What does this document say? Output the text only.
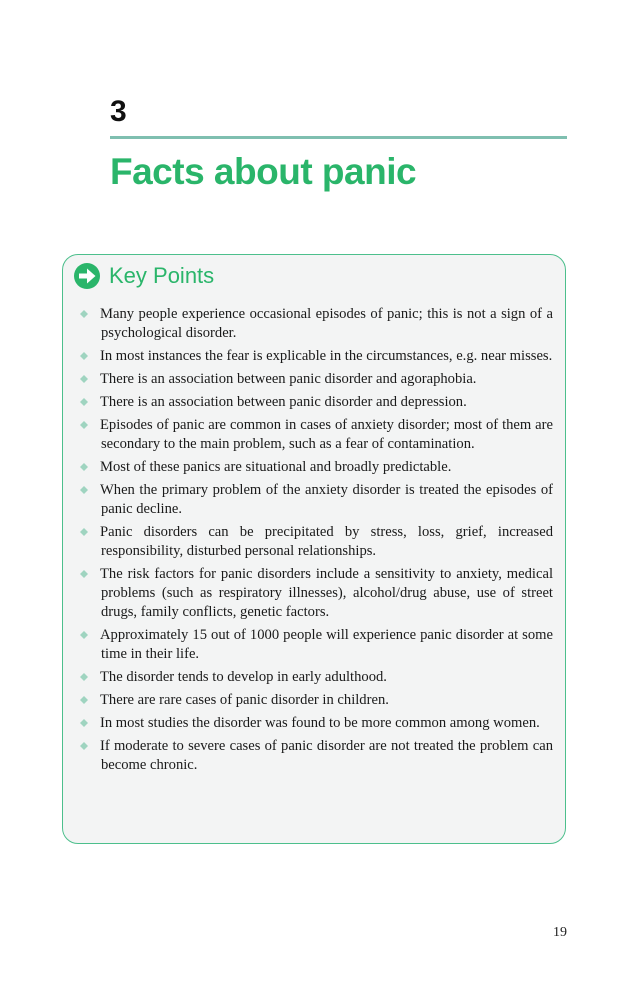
3
Facts about panic
Key Points
Many people experience occasional episodes of panic; this is not a sign of a psychological disorder.
In most instances the fear is explicable in the circumstances, e.g. near misses.
There is an association between panic disorder and agoraphobia.
There is an association between panic disorder and depression.
Episodes of panic are common in cases of anxiety disorder; most of them are secondary to the main problem, such as a fear of contamination.
Most of these panics are situational and broadly predictable.
When the primary problem of the anxiety disorder is treated the episodes of panic decline.
Panic disorders can be precipitated by stress, loss, grief, increased responsibility, disturbed personal relationships.
The risk factors for panic disorders include a sensitivity to anxiety, medical problems (such as respiratory illnesses), alcohol/drug abuse, use of street drugs, family conflicts, genetic factors.
Approximately 15 out of 1000 people will experience panic disorder at some time in their life.
The disorder tends to develop in early adulthood.
There are rare cases of panic disorder in children.
In most studies the disorder was found to be more common among women.
If moderate to severe cases of panic disorder are not treated the problem can become chronic.
19
